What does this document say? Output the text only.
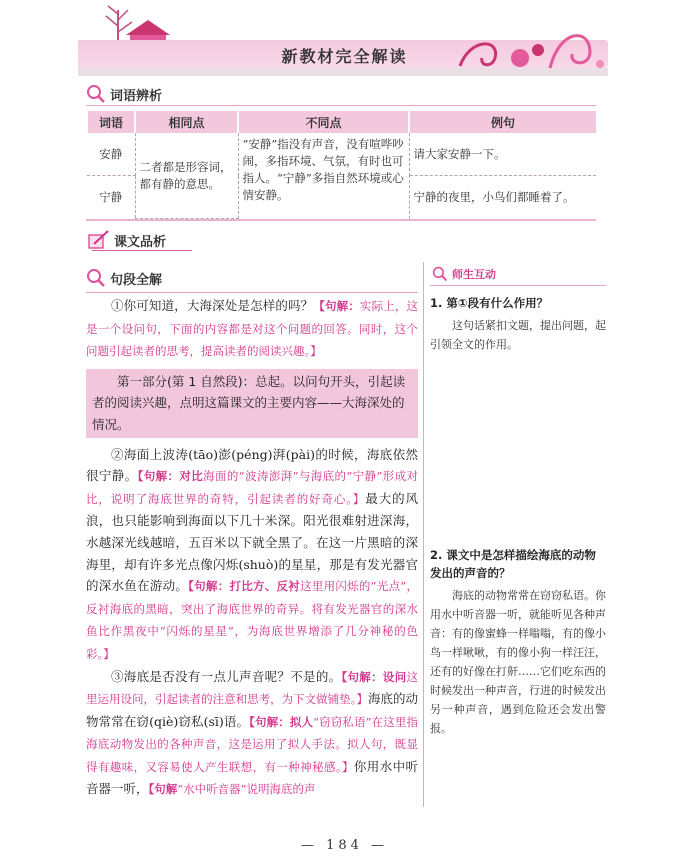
新教材完全解读
词语辨析
词语	相同点	不同点	例句
安静	二者都是形容词，都有静的意思。	“安静”指没有声音，没有喧哗吵闹，多指环境、气氛，有时也可指人。“宁静”多指自然环境或心情安静。	请大家安静一下。
宁静			宁静的夜里，小鸟们都睡着了。
课文品析
句段全解

①你可知道，大海深处是怎样的吗？【句解：实际上，这是一个设问句，下面的内容都是对这个问题的回答。同时，这个问题引起读者的思考，提高读者的阅读兴趣。】

第一部分(第 1 自然段)：总起。以问句开头，引起读者的阅读兴趣，点明这篇课文的主要内容——大海深处的情况。

②海面上波涛(tāo)澎(péng)湃(pài)的时候，海底依然很宁静。【句解：对比海面的“波涛澎湃”与海底的“宁静”形成对比，说明了海底世界的奇特，引起读者的好奇心。】最大的风浪，也只能影响到海面以下几十米深。阳光很难射进深海，水越深光线越暗，五百米以下就全黑了。在这一片黑暗的深海里，却有许多光点像闪烁(shuò)的星星，那是有发光器官的深水鱼在游动。【句解：打比方、反衬这里用闪烁的“光点”，反衬海底的黑暗，突出了海底世界的奇异。将有发光器官的深水鱼比作黑夜中“闪烁的星星”，为海底世界增添了几分神秘的色彩。】

③海底是否没有一点儿声音呢？不是的。【句解：设问这里运用设问，引起读者的注意和思考，为下文做铺垫。】海底的动物常常在窃(qiè)窃私(sī)语。【句解：拟人“窃窃私语”在这里指海底动物发出的各种声音，这是运用了拟人手法。拟人句，既显得有趣味，又容易使人产生联想，有一种神秘感。】你用水中听音器一听，【句解“水中听音器”说明海底的声

师生互动

1. 第①段有什么作用？

这句话紧扣文题，提出问题，起引领全文的作用。

2. 课文中是怎样描绘海底的动物发出的声音的？

海底的动物常常在窃窃私语。你用水中听音器一听，就能听见各种声音：有的像蜜蜂一样嗡嗡，有的像小鸟一样啾啾，有的像小狗一样汪汪，还有的好像在打鼾……它们吃东西的时候发出一种声音，行进的时候发出另一种声音，遇到危险还会发出警报。

— 184 —
